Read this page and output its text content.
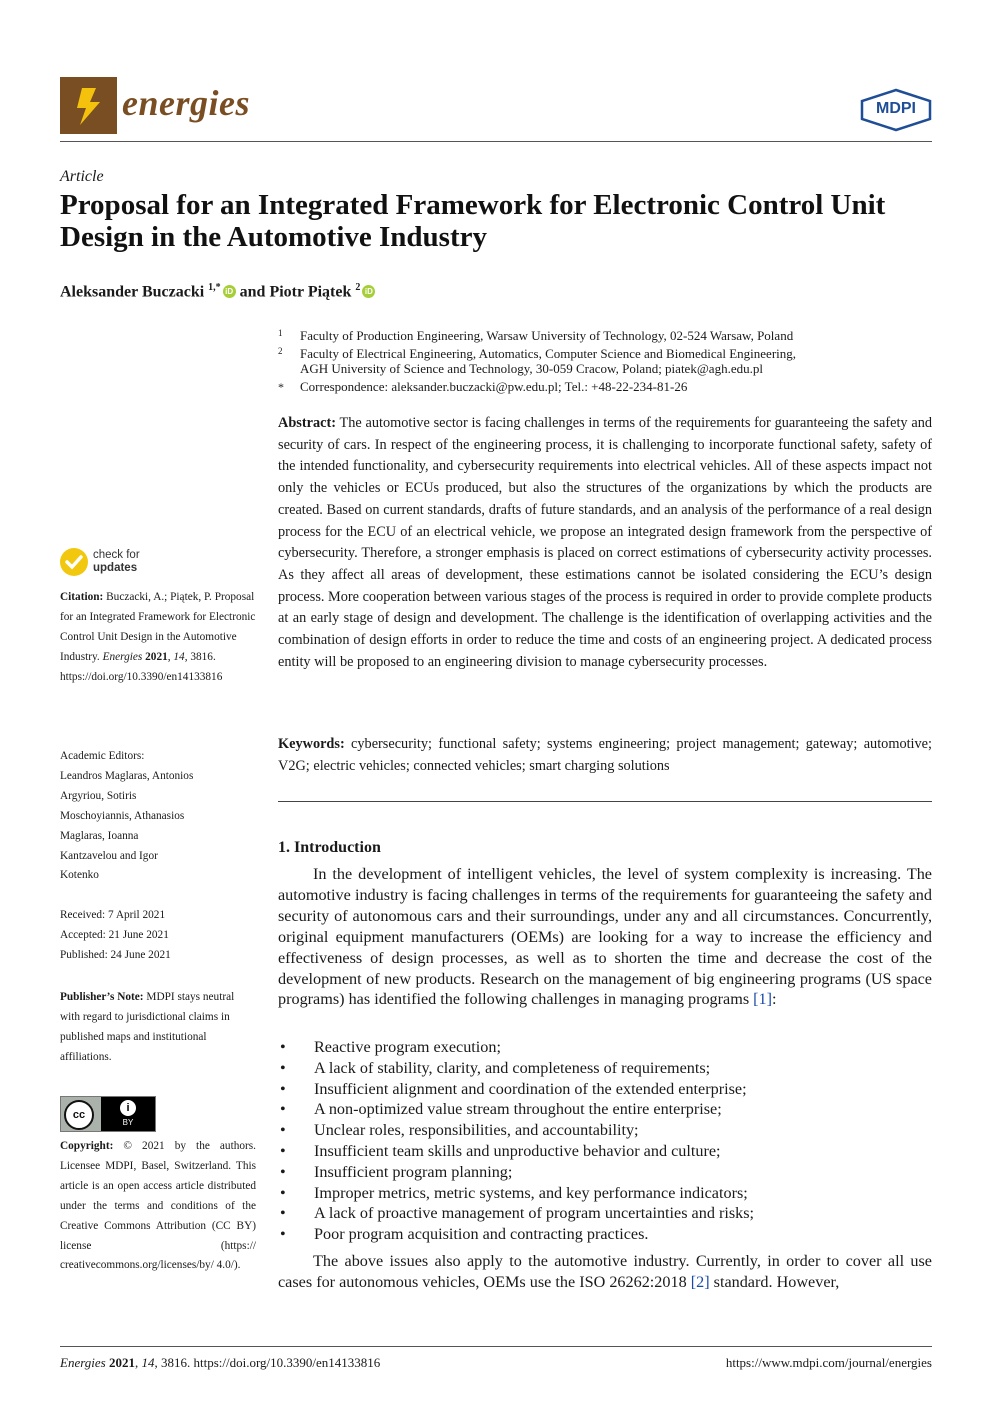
energies	MDPI
Article
Proposal for an Integrated Framework for Electronic Control Unit Design in the Automotive Industry
Aleksander Buczacki $^{1,*}$ iD and Piotr Piątek $^2$ iD
1 Faculty of Production Engineering, Warsaw University of Technology, 02-524 Warsaw, Poland
2 Faculty of Electrical Engineering, Automatics, Computer Science and Biomedical Engineering,
AGH University of Science and Technology, 30-059 Cracow, Poland; piatek@agh.edu.pl
* Correspondence: aleksander.buczacki@pw.edu.pl; Tel.: +48-22-234-81-26
Abstract: The automotive sector is facing challenges in terms of the requirements for guaranteeing the safety and security of cars. In respect of the engineering process, it is challenging to incorporate functional safety, safety of the intended functionality, and cybersecurity requirements into electrical vehicles. All of these aspects impact not only the vehicles or ECUs produced, but also the structures of the organizations by which the products are created. Based on current standards, drafts of future standards, and an analysis of the performance of a real design process for the ECU of an electrical vehicle, we propose an integrated design framework from the perspective of cybersecurity. Therefore, a stronger emphasis is placed on correct estimations of cybersecurity activity processes. As they affect all areas of development, these estimations cannot be isolated considering the ECU’s design process. More cooperation between various stages of the process is required in order to provide complete products at an early stage of design and development. The challenge is the identification of overlapping activities and the combination of design efforts in order to reduce the time and costs of an engineering project. A dedicated process entity will be proposed to an engineering division to manage cybersecurity processes.
Keywords: cybersecurity; functional safety; systems engineering; project management; gateway; automotive; V2G; electric vehicles; connected vehicles; smart charging solutions
1. Introduction
In the development of intelligent vehicles, the level of system complexity is increasing. The automotive industry is facing challenges in terms of the requirements for guaranteeing the safety and security of autonomous cars and their surroundings, under any and all circumstances. Concurrently, original equipment manufacturers (OEMs) are looking for a way to increase the efficiency and effectiveness of design processes, as well as to shorten the time and decrease the cost of the development of new products. Research on the management of big engineering programs (US space programs) has identified the following challenges in managing programs [1]:
• Reactive program execution;
• A lack of stability, clarity, and completeness of requirements;
• Insufficient alignment and coordination of the extended enterprise;
• A non-optimized value stream throughout the entire enterprise;
• Unclear roles, responsibilities, and accountability;
• Insufficient team skills and unproductive behavior and culture;
• Insufficient program planning;
• Improper metrics, metric systems, and key performance indicators;
• A lack of proactive management of program uncertainties and risks;
• Poor program acquisition and contracting practices.
The above issues also apply to the automotive industry. Currently, in order to cover all use cases for autonomous vehicles, OEMs use the ISO 26262:2018 [2] standard. However,
check for
updates
Citation: Buczacki, A.; Piątek, P. Proposal for an Integrated Framework for Electronic Control Unit Design in the Automotive Industry. Energies 2021, 14, 3816. https://doi.org/10.3390/en14133816
Academic Editors:
Leandros Maglaras, Antonios Argyriou, Sotiris Moschoyiannis, Athanasios Maglaras, Ioanna Kantzavelou and Igor Kotenko
Received: 7 April 2021
Accepted: 21 June 2021
Published: 24 June 2021
Publisher’s Note: MDPI stays neutral with regard to jurisdictional claims in published maps and institutional affiliations.
cc
i
BY
Copyright: © 2021 by the authors. Licensee MDPI, Basel, Switzerland. This article is an open access article distributed under the terms and conditions of the Creative Commons Attribution (CC BY) license (https:// creativecommons.org/licenses/by/ 4.0/).
Energies 2021, 14, 3816. https://doi.org/10.3390/en14133816	https://www.mdpi.com/journal/energies
